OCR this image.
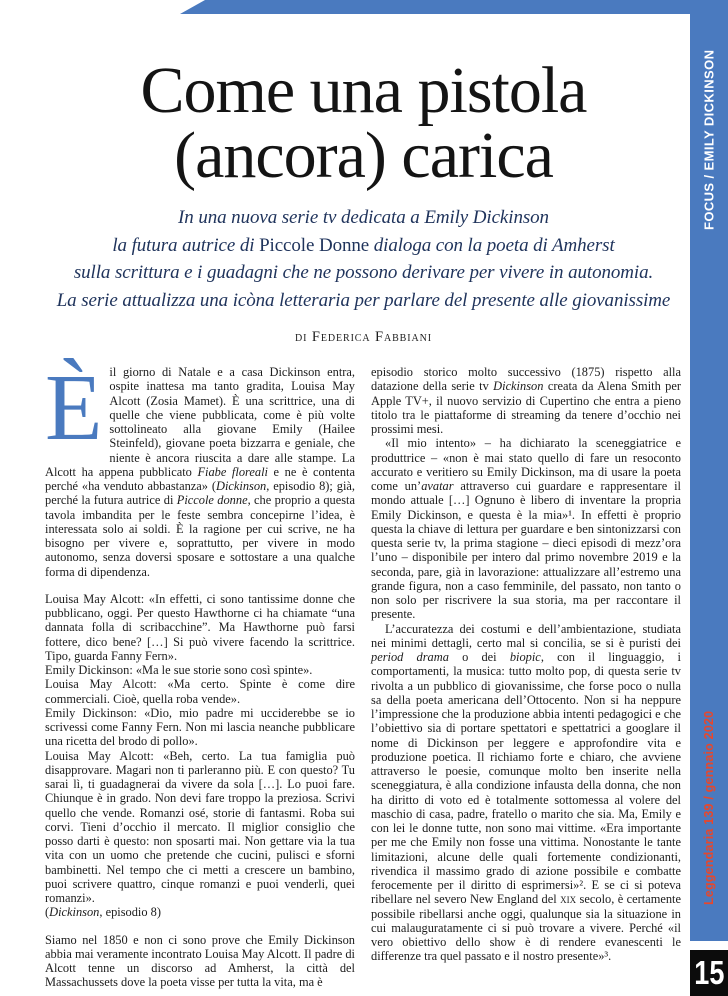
FOCUS / EMILY DICKINSON
Leggendaria 139 / gennaio 2020
15
Come una pistola
(ancora) carica
In una nuova serie tv dedicata a Emily Dickinson
la futura autrice di Piccole Donne dialoga con la poeta di Amherst
sulla scrittura e i guadagni che ne possono derivare per vivere in autonomia.
La serie attualizza una icòna letteraria per parlare del presente alle giovanissime
di Federica Fabbiani

Èil giorno di Natale e a casa Dickinson entra, ospite inattesa ma tanto gradita, Louisa May Alcott (Zosia Mamet). È una scrittrice, una di quelle che viene pubblicata, come è più volte sottolineato alla giovane Emily (Hailee Steinfeld), giovane poeta bizzarra e geniale, che niente è ancora riuscita a dare alle stampe. La Alcott ha appena pubblicato Fiabe floreali e ne è contenta perché «ha venduto abbastanza» (Dickinson, episodio 8); già, perché la futura autrice di Piccole donne, che proprio a questa tavola imbandita per le feste sembra concepirne l’idea, è interessata solo ai soldi. È la ragione per cui scrive, ne ha bisogno per vivere e, soprattutto, per vivere in modo autonomo, senza doversi sposare e sottostare a una qualche forma di dipendenza.

Louisa May Alcott: «In effetti, ci sono tantissime donne che pubblicano, oggi. Per questo Hawthorne ci ha chiamate “una dannata folla di scribacchine”. Ma Hawthorne può farsi fottere, dico bene? […] Si può vivere facendo la scrittrice. Tipo, guarda Fanny Fern».

Emily Dickinson: «Ma le sue storie sono così spinte».

Louisa May Alcott: «Ma certo. Spinte è come dire commerciali. Cioè, quella roba vende».

Emily Dickinson: «Dio, mio padre mi ucciderebbe se io scrivessi come Fanny Fern. Non mi lascia neanche pubblicare una ricetta del brodo di pollo».

Louisa May Alcott: «Beh, certo. La tua famiglia può disapprovare. Magari non ti parleranno più. E con questo? Tu sarai lì, ti guadagnerai da vivere da sola […]. Lo puoi fare. Chiunque è in grado. Non devi fare troppo la preziosa. Scrivi quello che vende. Romanzi osé, storie di fantasmi. Roba sui corvi. Tieni d’occhio il mercato. Il miglior consiglio che posso darti è questo: non sposarti mai. Non gettare via la tua vita con un uomo che pretende che cucini, pulisci e sforni bambinetti. Nel tempo che ci metti a crescere un bambino, puoi scrivere quattro, cinque romanzi e puoi venderli, quei romanzi».

(Dickinson, episodio 8)

Siamo nel 1850 e non ci sono prove che Emily Dickinson abbia mai veramente incontrato Louisa May Alcott. Il padre di Alcott tenne un discorso ad Amherst, la città del Massachussets dove la poeta visse per tutta la vita, ma è

episodio storico molto successivo (1875) rispetto alla datazione della serie tv Dickinson creata da Alena Smith per Apple TV+, il nuovo servizio di Cupertino che entra a pieno titolo tra le piattaforme di streaming da tenere d’occhio nei prossimi mesi.

«Il mio intento» – ha dichiarato la sceneggiatrice e produttrice – «non è mai stato quello di fare un resoconto accurato e veritiero su Emily Dickinson, ma di usare la poeta come un’avatar attraverso cui guardare e rappresentare il mondo attuale […] Ognuno è libero di inventare la propria Emily Dickinson, e questa è la mia»¹. In effetti è proprio questa la chiave di lettura per guardare e ben sintonizzarsi con questa serie tv, la prima stagione – dieci episodi di mezz’ora l’uno – disponibile per intero dal primo novembre 2019 e la seconda, pare, già in lavorazione: attualizzare all’estremo una grande figura, non a caso femminile, del passato, non tanto o non solo per riscrivere la sua storia, ma per raccontare il presente.

L’accuratezza dei costumi e dell’ambientazione, studiata nei minimi dettagli, certo mal si concilia, se si è puristi dei period drama o dei biopic, con il linguaggio, i comportamenti, la musica: tutto molto pop, di questa serie tv rivolta a un pubblico di giovanissime, che forse poco o nulla sa della poeta americana dell’Ottocento. Non si ha neppure l’impressione che la produzione abbia intenti pedagogici e che l’obiettivo sia di portare spettatori e spettatrici a googlare il nome di Dickinson per leggere e approfondire vita e produzione poetica. Il richiamo forte e chiaro, che avviene attraverso le poesie, comunque molto ben inserite nella sceneggiatura, è alla condizione infausta della donna, che non ha diritto di voto ed è totalmente sottomessa al volere del maschio di casa, padre, fratello o marito che sia. Ma, Emily e con lei le donne tutte, non sono mai vittime. «Era importante per me che Emily non fosse una vittima. Nonostante le tante limitazioni, alcune delle quali fortemente condizionanti, rivendica il massimo grado di azione possibile e combatte ferocemente per il diritto di esprimersi»². E se ci si poteva ribellare nel severo New England del xix secolo, è certamente possibile ribellarsi anche oggi, qualunque sia la situazione in cui malauguratamente ci si può trovare a vivere. Perché «il vero obiettivo dello show è di rendere evanescenti le differenze tra quel passato e il nostro presente»³.
